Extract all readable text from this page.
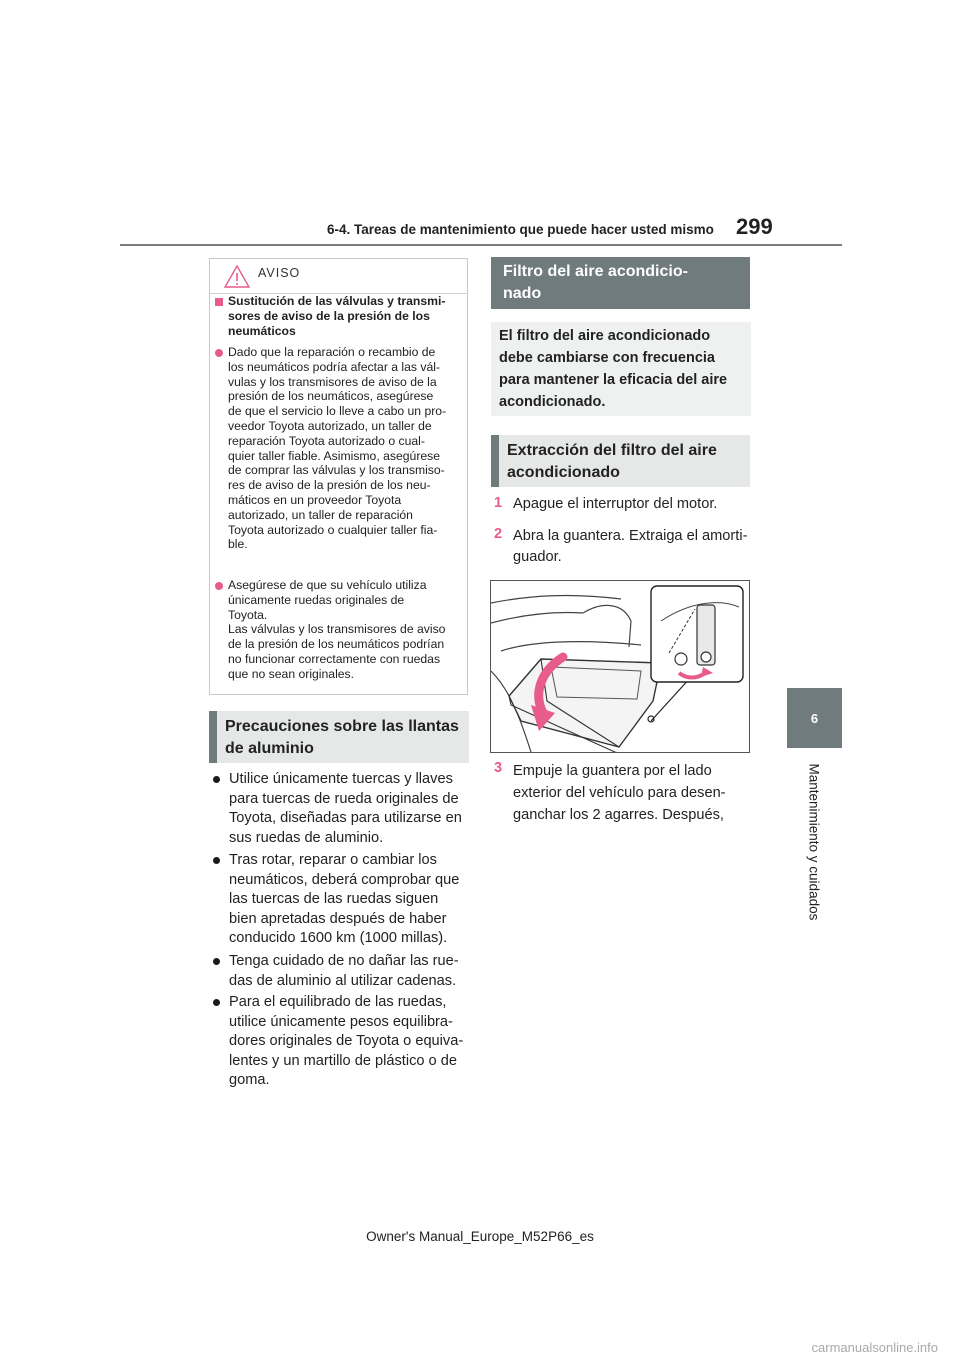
6-4. Tareas de mantenimiento que puede hacer usted mismo 299
6
Mantenimiento y cuidados
AVISO
Sustitución de las válvulas y transmi-
sores de aviso de la presión de los
neumáticos
Dado que la reparación o recambio de
los neumáticos podría afectar a las vál-
vulas y los transmisores de aviso de la
presión de los neumáticos, asegúrese
de que el servicio lo lleve a cabo un pro-
veedor Toyota autorizado, un taller de
reparación Toyota autorizado o cual-
quier taller fiable. Asimismo, asegúrese
de comprar las válvulas y los transmiso-
res de aviso de la presión de los neu-
máticos en un proveedor Toyota
autorizado, un taller de reparación
Toyota autorizado o cualquier taller fia-
ble.
Asegúrese de que su vehículo utiliza
únicamente ruedas originales de
Toyota.
Las válvulas y los transmisores de aviso
de la presión de los neumáticos podrían
no funcionar correctamente con ruedas
que no sean originales.
Precauciones sobre las llantas
de aluminio
Utilice únicamente tuercas y llaves
para tuercas de rueda originales de
Toyota, diseñadas para utilizarse en
sus ruedas de aluminio.
Tras rotar, reparar o cambiar los
neumáticos, deberá comprobar que
las tuercas de las ruedas siguen
bien apretadas después de haber
conducido 1600 km (1000 millas).
Tenga cuidado de no dañar las rue-
das de aluminio al utilizar cadenas.
Para el equilibrado de las ruedas,
utilice únicamente pesos equilibra-
dores originales de Toyota o equiva-
lentes y un martillo de plástico o de
goma.
Filtro del aire acondicio-
nado
El filtro del aire acondicionado
debe cambiarse con frecuencia
para mantener la eficacia del aire
acondicionado.
Extracción del filtro del aire
acondicionado
1 Apague el interruptor del motor.
2 Abra la guantera. Extraiga el amorti-
guador.
3 Empuje la guantera por el lado
exterior del vehículo para desen-
ganchar los 2 agarres. Después,
Owner's Manual_Europe_M52P66_es
carmanualsonline.info
